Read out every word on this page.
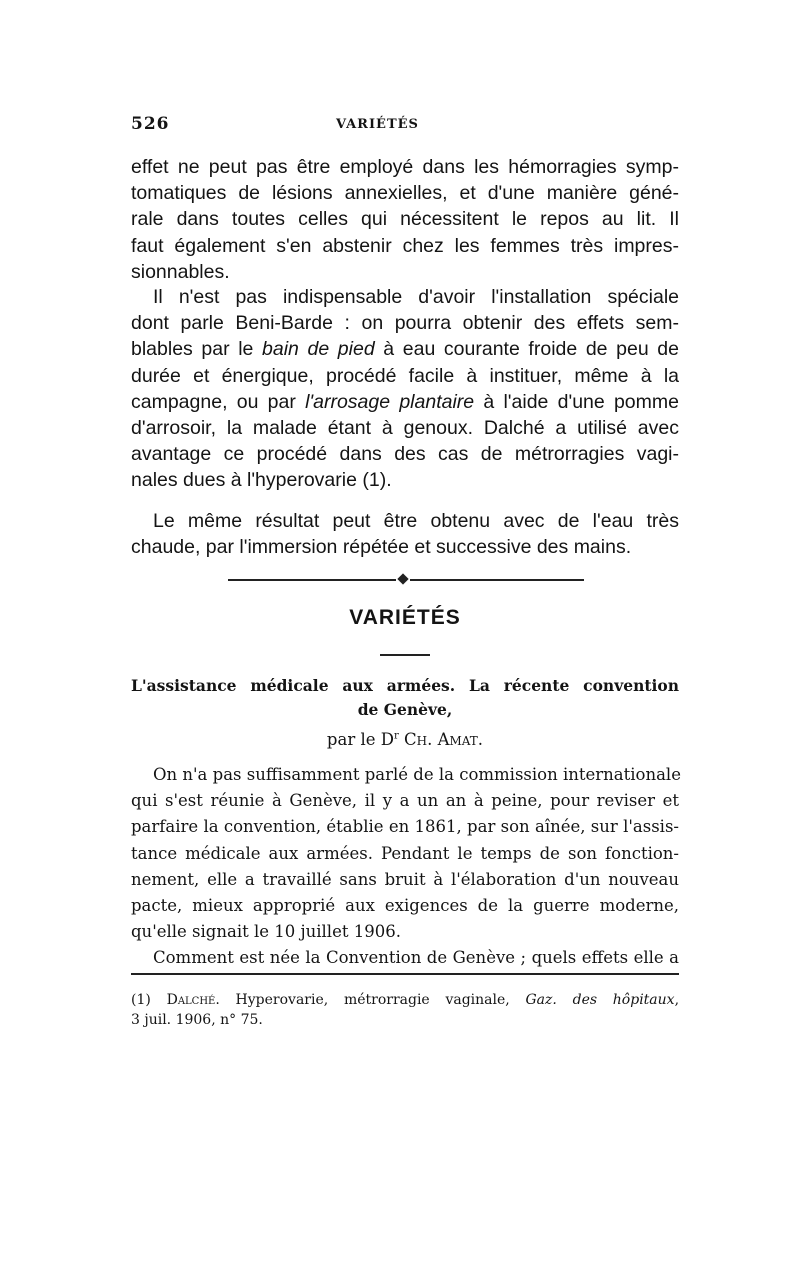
526	VARIÉTÉS
effet ne peut pas être employé dans les hémorragies symp-
tomatiques de lésions annexielles, et d'une manière géné-
rale dans toutes celles qui nécessitent le repos au lit. Il
faut également s'en abstenir chez les femmes très impres-
sionnables.
Il n'est pas indispensable d'avoir l'installation spéciale
dont parle Beni-Barde : on pourra obtenir des effets sem-
blables par le bain de pied à eau courante froide de peu de
durée et énergique, procédé facile à instituer, même à la
campagne, ou par l'arrosage plantaire à l'aide d'une pomme
d'arrosoir, la malade étant à genoux. Dalché a utilisé avec
avantage ce procédé dans des cas de métrorragies vagi-
nales dues à l'hyperovarie (1).
Le même résultat peut être obtenu avec de l'eau très
chaude, par l'immersion répétée et successive des mains.
VARIÉTÉS
L'assistance médicale aux armées. La récente convention
de Genève,
par le $D^r$ Ch. Amat.
On n'a pas suffisamment parlé de la commission internationale
qui s'est réunie à Genève, il y a un an à peine, pour reviser et
parfaire la convention, établie en 1861, par son aînée, sur l'assis-
tance médicale aux armées. Pendant le temps de son fonction-
nement, elle a travaillé sans bruit à l'élaboration d'un nouveau
pacte, mieux approprié aux exigences de la guerre moderne,
qu'elle signait le 10 juillet 1906.
Comment est née la Convention de Genève ; quels effets elle a
(1) Dalché. Hyperovarie, métrorragie vaginale, Gaz. des hôpitaux,
3 juil. 1906, n° 75.
